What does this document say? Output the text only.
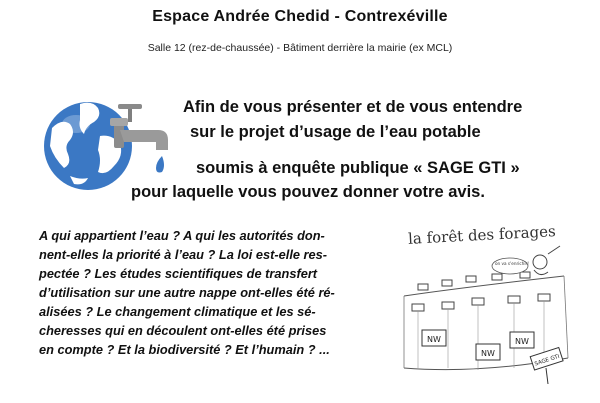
Espace Andrée Chedid - Contrexéville
Salle 12 (rez-de-chaussée) - Bâtiment derrière la mairie (ex MCL)
Afin de vous présenter et de vous entendre
sur le projet d’usage de l’eau potable
soumis à enquête publique « SAGE GTI »
pour laquelle vous pouvez donner votre avis.
A qui appartient l’eau ? A qui les autorités don-
nent-elles la priorité à l’eau ? La loi est-elle res-
pectée ? Les études scientifiques de transfert
d’utilisation sur une autre nappe ont-elles été ré-
alisées ? Le changement climatique et les sé-
cheresses qui en découlent ont-elles été prises
en compte ? Et la biodiversité ? Et l’humain ? ...
NW
NW
NW
SAGE GTI
on va s'enrichir!
la forêt des forages
